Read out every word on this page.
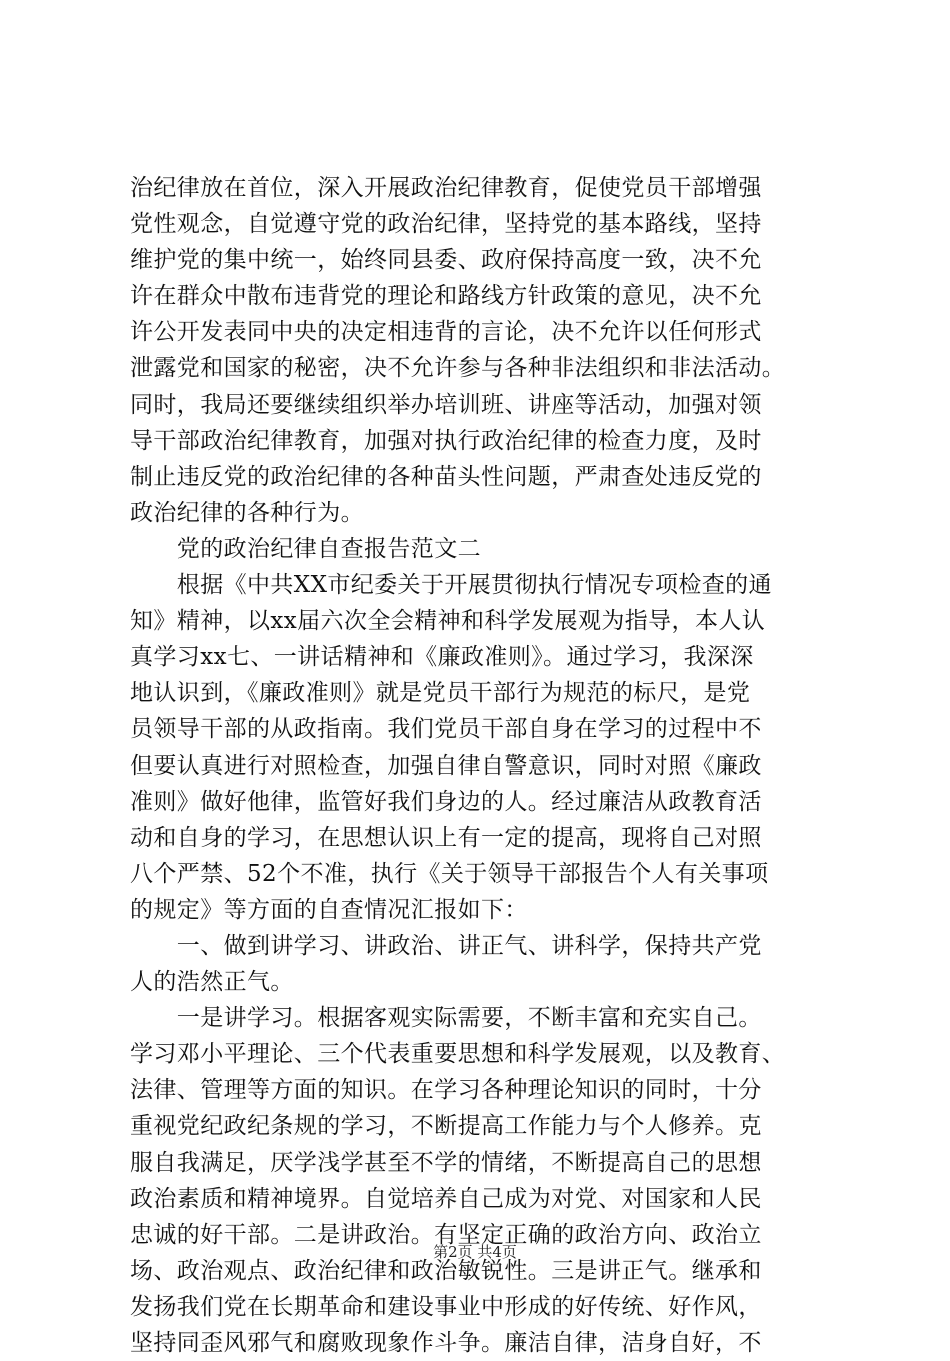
治纪律放在首位，深入开展政治纪律教育，促使党员干部增强
党性观念，自觉遵守党的政治纪律，坚持党的基本路线，坚持
维护党的集中统一，始终同县委、政府保持高度一致，决不允
许在群众中散布违背党的理论和路线方针政策的意见，决不允
许公开发表同中央的决定相违背的言论，决不允许以任何形式
泄露党和国家的秘密，决不允许参与各种非法组织和非法活动。
同时，我局还要继续组织举办培训班、讲座等活动，加强对领
导干部政治纪律教育，加强对执行政治纪律的检查力度，及时
制止违反党的政治纪律的各种苗头性问题，严肃查处违反党的
政治纪律的各种行为。
　　党的政治纪律自查报告范文二
　　根据《中共XX市纪委关于开展贯彻执行情况专项检查的通
知》精神，以xx届六次全会精神和科学发展观为指导，本人认
真学习xx七、一讲话精神和《廉政准则》。通过学习，我深深
地认识到，《廉政准则》就是党员干部行为规范的标尺，是党
员领导干部的从政指南。我们党员干部自身在学习的过程中不
但要认真进行对照检查，加强自律自警意识，同时对照《廉政
准则》做好他律，监管好我们身边的人。经过廉洁从政教育活
动和自身的学习，在思想认识上有一定的提高，现将自己对照
八个严禁、52个不准，执行《关于领导干部报告个人有关事项
的规定》等方面的自查情况汇报如下：
　　一、做到讲学习、讲政治、讲正气、讲科学，保持共产党
人的浩然正气。
　　一是讲学习。根据客观实际需要，不断丰富和充实自己。
学习邓小平理论、三个代表重要思想和科学发展观，以及教育、
法律、管理等方面的知识。在学习各种理论知识的同时，十分
重视党纪政纪条规的学习，不断提高工作能力与个人修养。克
服自我满足，厌学浅学甚至不学的情绪，不断提高自己的思想
政治素质和精神境界。自觉培养自己成为对党、对国家和人民
忠诚的好干部。二是讲政治。有坚定正确的政治方向、政治立
场、政治观点、政治纪律和政治敏锐性。三是讲正气。继承和
发扬我们党在长期革命和建设事业中形成的好传统、好作风，
坚持同歪风邪气和腐败现象作斗争。廉洁自律，洁身自好，不
第2页 共4页
